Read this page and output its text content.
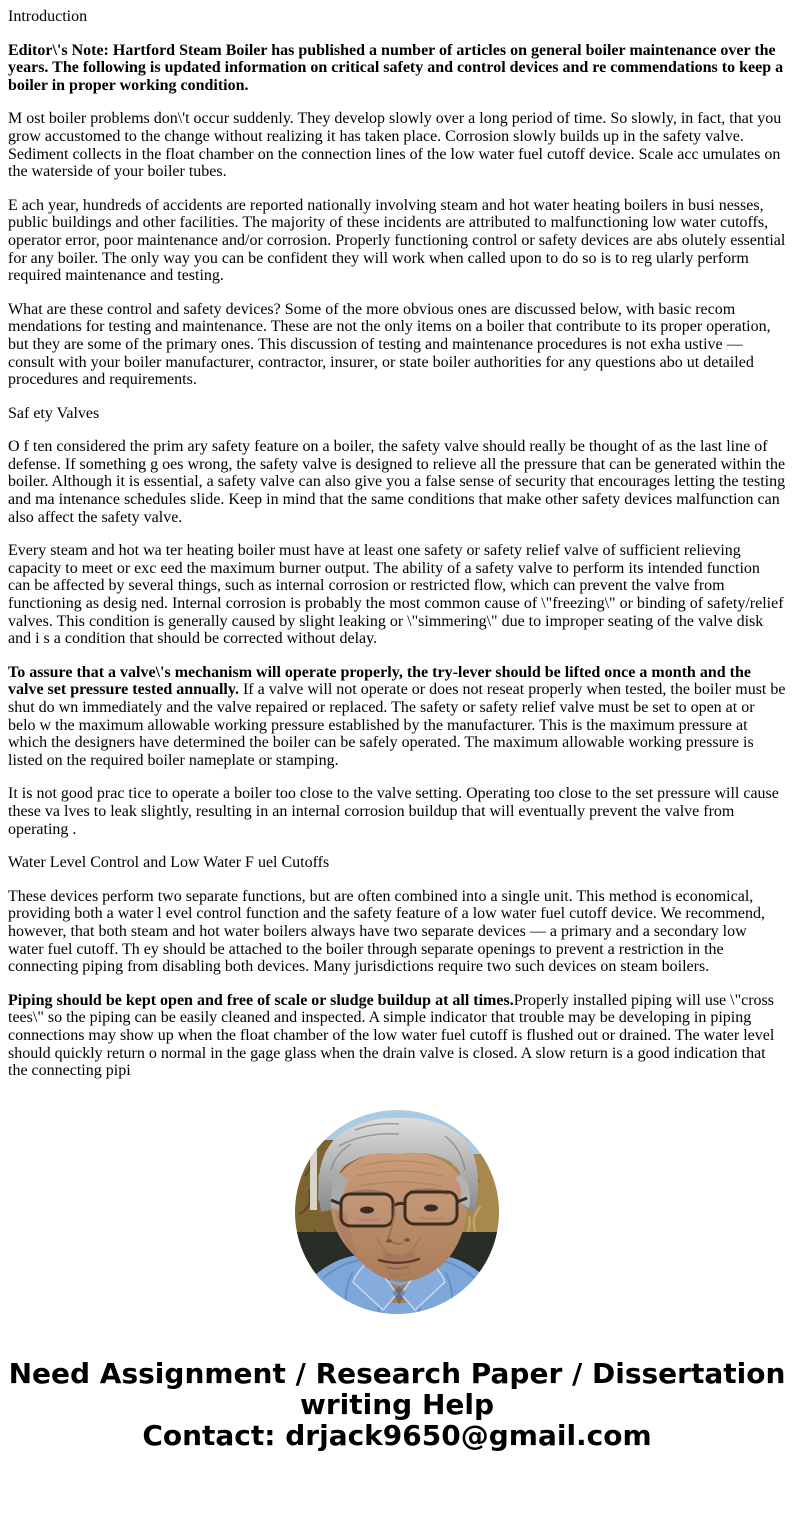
Introduction

Editor\'s Note: Hartford Steam Boiler has published a number of articles on general boiler maintenance over the years. The following is updated information on critical safety and control devices and re commendations to keep a boiler in proper working condition.

M ost boiler problems don\'t occur suddenly. They develop slowly over a long period of time. So slowly, in fact, that you grow accustomed to the change without realizing it has taken place. Corrosion slowly builds up in the safety valve. Sediment collects in the float chamber on the connection lines of the low water fuel cutoff device. Scale acc umulates on the waterside of your boiler tubes.

E ach year, hundreds of accidents are reported nationally involving steam and hot water heating boilers in busi nesses, public buildings and other facilities. The majority of these incidents are attributed to malfunctioning low water cutoffs, operator error, poor maintenance and/or corrosion. Properly functioning control or safety devices are abs olutely essential for any boiler. The only way you can be confident they will work when called upon to do so is to reg ularly perform required maintenance and testing.

What are these control and safety devices? Some of the more obvious ones are discussed below, with basic recom mendations for testing and maintenance. These are not the only items on a boiler that contribute to its proper operation, but they are some of the primary ones. This discussion of testing and maintenance procedures is not exha ustive — consult with your boiler manufacturer, contractor, insurer, or state boiler authorities for any questions abo ut detailed procedures and requirements.

Saf ety Valves

O f ten considered the prim ary safety feature on a boiler, the safety valve should really be thought of as the last line of defense. If something g oes wrong, the safety valve is designed to relieve all the pressure that can be generated within the boiler. Although it is essential, a safety valve can also give you a false sense of security that encourages letting the testing and ma intenance schedules slide. Keep in mind that the same conditions that make other safety devices malfunction can also affect the safety valve.

Every steam and hot wa ter heating boiler must have at least one safety or safety relief valve of sufficient relieving capacity to meet or exc eed the maximum burner output. The ability of a safety valve to perform its intended function can be affected by several things, such as internal corrosion or restricted flow, which can prevent the valve from functioning as desig ned. Internal corrosion is probably the most common cause of \"freezing\" or binding of safety/relief valves. This condition is generally caused by slight leaking or \"simmering\" due to improper seating of the valve disk and i s a condition that should be corrected without delay.

To assure that a valve\'s mechanism will operate properly, the try-lever should be lifted once a month and the valve set pressure tested annually. If a valve will not operate or does not reseat properly when tested, the boiler must be shut do wn immediately and the valve repaired or replaced. The safety or safety relief valve must be set to open at or belo w the maximum allowable working pressure established by the manufacturer. This is the maximum pressure at which the designers have determined the boiler can be safely operated. The maximum allowable working pressure is listed on the required boiler nameplate or stamping.

It is not good prac tice to operate a boiler too close to the valve setting. Operating too close to the set pressure will cause these va lves to leak slightly, resulting in an internal corrosion buildup that will eventually prevent the valve from operating .

Water Level Control and Low Water F uel Cutoffs

These devices perform two separate functions, but are often combined into a single unit. This method is economical, providing both a water l evel control function and the safety feature of a low water fuel cutoff device. We recommend, however, that both steam and hot water boilers always have two separate devices — a primary and a secondary low water fuel cutoff. Th ey should be attached to the boiler through separate openings to prevent a restriction in the connecting piping from disabling both devices. Many jurisdictions require two such devices on steam boilers.

Piping should be kept open and free of scale or sludge buildup at all times.Properly installed piping will use \"cross tees\" so the piping can be easily cleaned and inspected. A simple indicator that trouble may be developing in piping connections may show up when the float chamber of the low water fuel cutoff is flushed out or drained. The water level should quickly return o normal in the gage glass when the drain valve is closed. A slow return is a good indication that the connecting pipi

Need Assignment / Research Paper / Dissertation
writing Help
Contact: drjack9650@gmail.com
